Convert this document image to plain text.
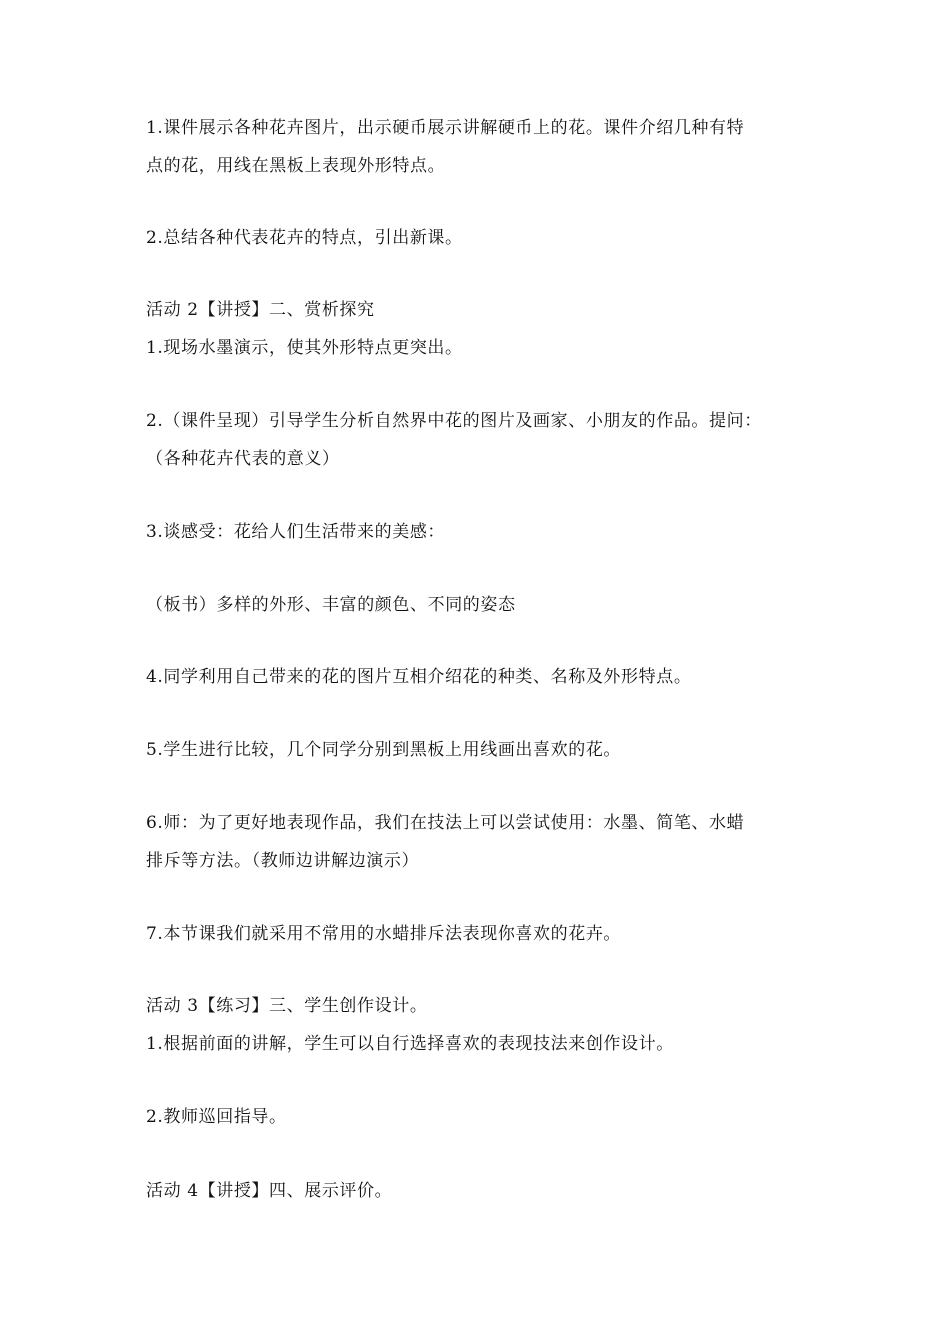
1.课件展示各种花卉图片，出示硬币展示讲解硬币上的花。课件介绍几种有特
点的花，用线在黑板上表现外形特点。
2.总结各种代表花卉的特点，引出新课。
活动 2【讲授】二、赏析探究
1.现场水墨演示，使其外形特点更突出。
2.（课件呈现）引导学生分析自然界中花的图片及画家、小朋友的作品。提问：
（各种花卉代表的意义）
3.谈感受：花给人们生活带来的美感：
（板书）多样的外形、丰富的颜色、不同的姿态
4.同学利用自己带来的花的图片互相介绍花的种类、名称及外形特点。
5.学生进行比较，几个同学分别到黑板上用线画出喜欢的花。
6.师：为了更好地表现作品，我们在技法上可以尝试使用：水墨、简笔、水蜡
排斥等方法。（教师边讲解边演示）
7.本节课我们就采用不常用的水蜡排斥法表现你喜欢的花卉。
活动 3【练习】三、学生创作设计。
1.根据前面的讲解，学生可以自行选择喜欢的表现技法来创作设计。
2.教师巡回指导。
活动 4【讲授】四、展示评价。
